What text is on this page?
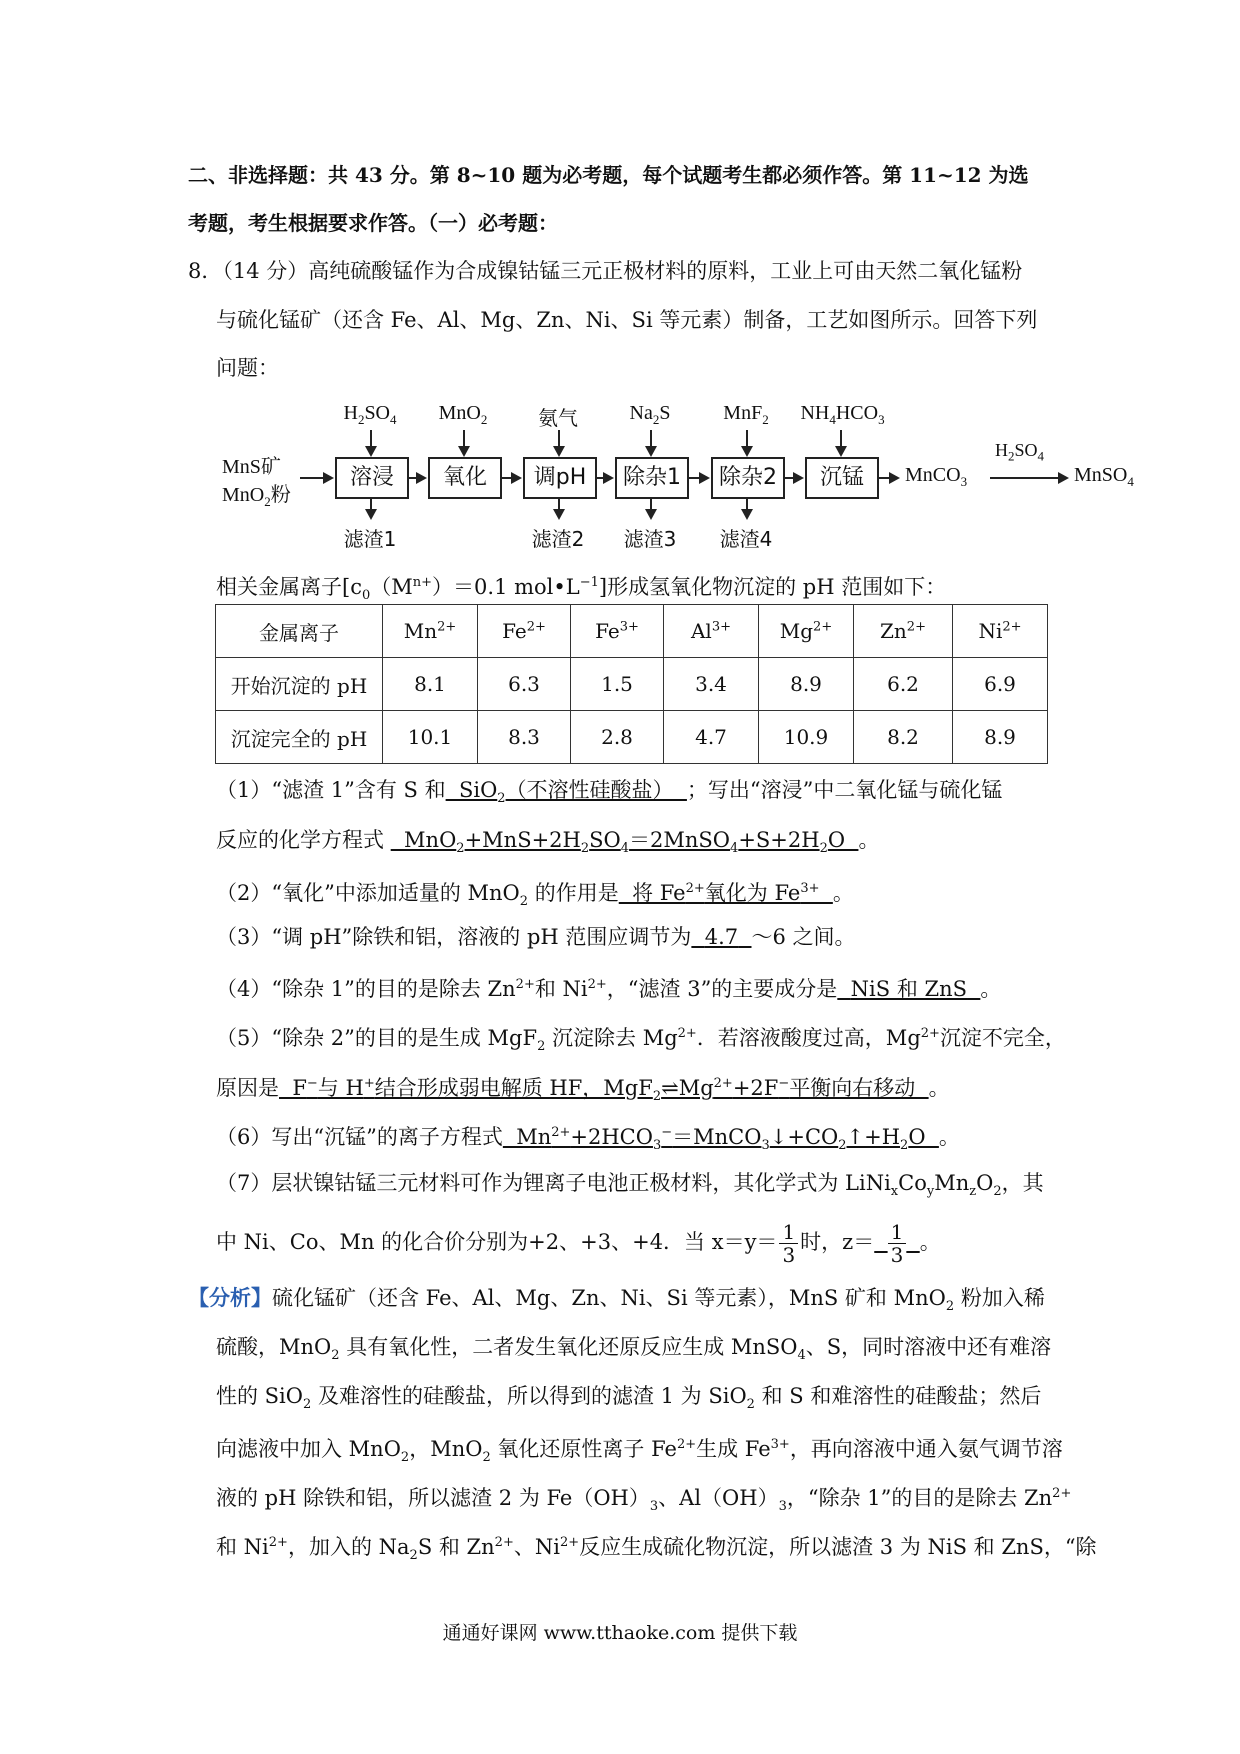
二、非选择题：共 43 分。第 8~10 题为必考题，每个试题考生都必须作答。第 11~12 为选
考题，考生根据要求作答。（一）必考题：
8．（14 分）高纯硫酸锰作为合成镍钴锰三元正极材料的原料，工业上可由天然二氧化锰粉
与硫化锰矿（还含 Fe、Al、Mg、Zn、Ni、Si 等元素）制备，工艺如图所示。回答下列
问题：
MnS矿
MnO$_2$粉
溶浸	氧化	调pH	除杂1	除杂2	沉锰
$H_2SO_4$	MnO$_2$	氨气	$Na_2S$	MnF$_2$	$NH_4HCO_3$
滤渣1	滤渣2	滤渣3	滤渣4
MnCO$_3$
$H_2SO_4$
MnSO$_4$
相关金属离子[$c_0(M^{n+})=0.1$ $mol•L^{-1}$]形成氢氧化物沉淀的 pH 范围如下：
金属离子	$Mn^{2+}$	$Fe^{2+}$	$Fe^{3+}$	$Al^{3+}$	$Mg^{2+}$	$Zn^{2+}$	$Ni^{2+}$
开始沉淀的 pH	8.1	6.3	1.5	3.4	8.9	6.2	6.9
沉淀完全的 pH	10.1	8.3	2.8	4.7	10.9	8.2	8.9
（1）“滤渣 1”含有 S 和  SiO$_2$（不溶性硅酸盐）  ；写出“溶浸”中二氧化锰与硫化锰
反应的化学方程式   $MnO_2+MnS+2H_2SO_4=2MnSO_4+S+2H_2O$  。
（2）“氧化”中添加适量的 MnO$_2$ 的作用是  将 $Fe^{2+}$氧化为 $Fe^{3+}$ 。
（3）“调 pH”除铁和铝，溶液的 pH 范围应调节为 4.7 ～6 之间。
（4）“除杂 1”的目的是除去 $Zn^{2+}$和 $Ni^{2+}$，“滤渣 3”的主要成分是 NiS 和 ZnS 。
（5）“除杂 2”的目的是生成 MgF$_2$ 沉淀除去 $Mg^{2+}$．若溶液酸度过高，$Mg^{2+}$沉淀不完全，
原因是  F−与 H+结合形成弱电解质 HF，$MgF_2\rightleftharpoons Mg^{2+}+2F^-$平衡向右移动  。
（6）写出“沉锰”的离子方程式  $Mn^{2+}+2HCO_3^-=MnCO_3↓+CO_2↑+H_2O$  。
（7）层状镍钴锰三元材料可作为锂离子电池正极材料，其化学式为 $LiNi_xCo_yMn_zO_2$，其
中 Ni、Co、Mn 的化合价分别为+2、+3、+4．当 $x=y= \frac{1}{3}$ 时，$z= \frac{1}{3}$ 。
【分析】硫化锰矿（还含 Fe、Al、Mg、Zn、Ni、Si 等元素），MnS 矿和 MnO$_2$ 粉加入稀
硫酸，MnO$_2$ 具有氧化性，二者发生氧化还原反应生成 MnSO$_4$、S，同时溶液中还有难溶
性的 SiO$_2$ 及难溶性的硅酸盐，所以得到的滤渣 1 为 SiO$_2$ 和 S 和难溶性的硅酸盐；然后
向滤液中加入 MnO$_2$，MnO$_2$ 氧化还原性离子 $Fe^{2+}$生成 $Fe^{3+}$，再向溶液中通入氨气调节溶
液的 pH 除铁和铝，所以滤渣 2 为 $Fe(OH)_3$、$Al(OH)_3$，“除杂 1”的目的是除去 $Zn^{2+}$
和 $Ni^{2+}$，加入的 $Na_2S$ 和 $Zn^{2+}$、$Ni^{2+}$反应生成硫化物沉淀，所以滤渣 3 为 NiS 和 ZnS，“除
通通好课网 www.tthaoke.com 提供下载
